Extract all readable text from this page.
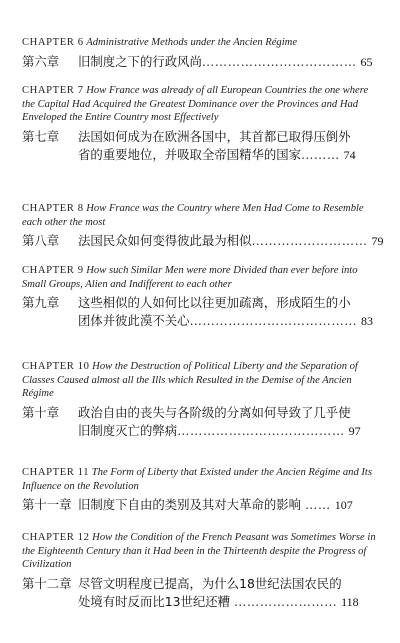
CHAPTER 6 Administrative Methods under the Ancien Régime
第六章 旧制度之下的行政风尚……………………………… 65
CHAPTER 7 How France was already of all European Countries the one where the Capital Had Acquired the Greatest Dominance over the Provinces and Had Enveloped the Entire Country most Effectively
第七章 法国如何成为在欧洲各国中，其首都已取得压倒外
省的重要地位，并吸取全帝国精华的国家……… 74
CHAPTER 8 How France was the Country where Men Had Come to Resemble each other the most
第八章 法国民众如何变得彼此最为相似……………………… 79
CHAPTER 9 How such Similar Men were more Divided than ever before into Small Groups, Alien and Indifferent to each other
第九章 这些相似的人如何比以往更加疏离，形成陌生的小
团体并彼此漠不关心………………………………… 83
CHAPTER 10 How the Destruction of Political Liberty and the Separation of Classes Caused almost all the Ills which Resulted in the Demise of the Ancien Régime
第十章 政治自由的丧失与各阶级的分离如何导致了几乎使
旧制度灭亡的弊病………………………………… 97
CHAPTER 11 The Form of Liberty that Existed under the Ancien Régime and Its Influence on the Revolution
第十一章 旧制度下自由的类别及其对大革命的影响 …… 107
CHAPTER 12 How the Condition of the French Peasant was Sometimes Worse in the Eighteenth Century than it Had been in the Thirteenth despite the Progress of Civilization
第十二章 尽管文明程度已提高，为什么18世纪法国农民的
处境有时反而比13世纪还糟 …………………… 118
